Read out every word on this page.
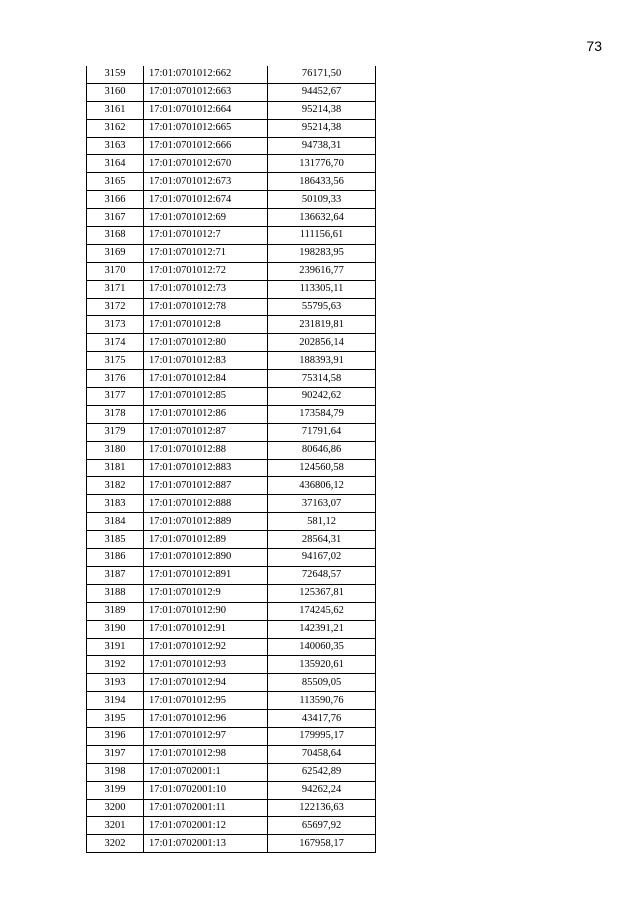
73
3159	17:01:0701012:662	76171,50
3160	17:01:0701012:663	94452,67
3161	17:01:0701012:664	95214,38
3162	17:01:0701012:665	95214,38
3163	17:01:0701012:666	94738,31
3164	17:01:0701012:670	131776,70
3165	17:01:0701012:673	186433,56
3166	17:01:0701012:674	50109,33
3167	17:01:0701012:69	136632,64
3168	17:01:0701012:7	111156,61
3169	17:01:0701012:71	198283,95
3170	17:01:0701012:72	239616,77
3171	17:01:0701012:73	113305,11
3172	17:01:0701012:78	55795,63
3173	17:01:0701012:8	231819,81
3174	17:01:0701012:80	202856,14
3175	17:01:0701012:83	188393,91
3176	17:01:0701012:84	75314,58
3177	17:01:0701012:85	90242,62
3178	17:01:0701012:86	173584,79
3179	17:01:0701012:87	71791,64
3180	17:01:0701012:88	80646,86
3181	17:01:0701012:883	124560,58
3182	17:01:0701012:887	436806,12
3183	17:01:0701012:888	37163,07
3184	17:01:0701012:889	581,12
3185	17:01:0701012:89	28564,31
3186	17:01:0701012:890	94167,02
3187	17:01:0701012:891	72648,57
3188	17:01:0701012:9	125367,81
3189	17:01:0701012:90	174245,62
3190	17:01:0701012:91	142391,21
3191	17:01:0701012:92	140060,35
3192	17:01:0701012:93	135920,61
3193	17:01:0701012:94	85509,05
3194	17:01:0701012:95	113590,76
3195	17:01:0701012:96	43417,76
3196	17:01:0701012:97	179995,17
3197	17:01:0701012:98	70458,64
3198	17:01:0702001:1	62542,89
3199	17:01:0702001:10	94262,24
3200	17:01:0702001:11	122136,63
3201	17:01:0702001:12	65697,92
3202	17:01:0702001:13	167958,17
